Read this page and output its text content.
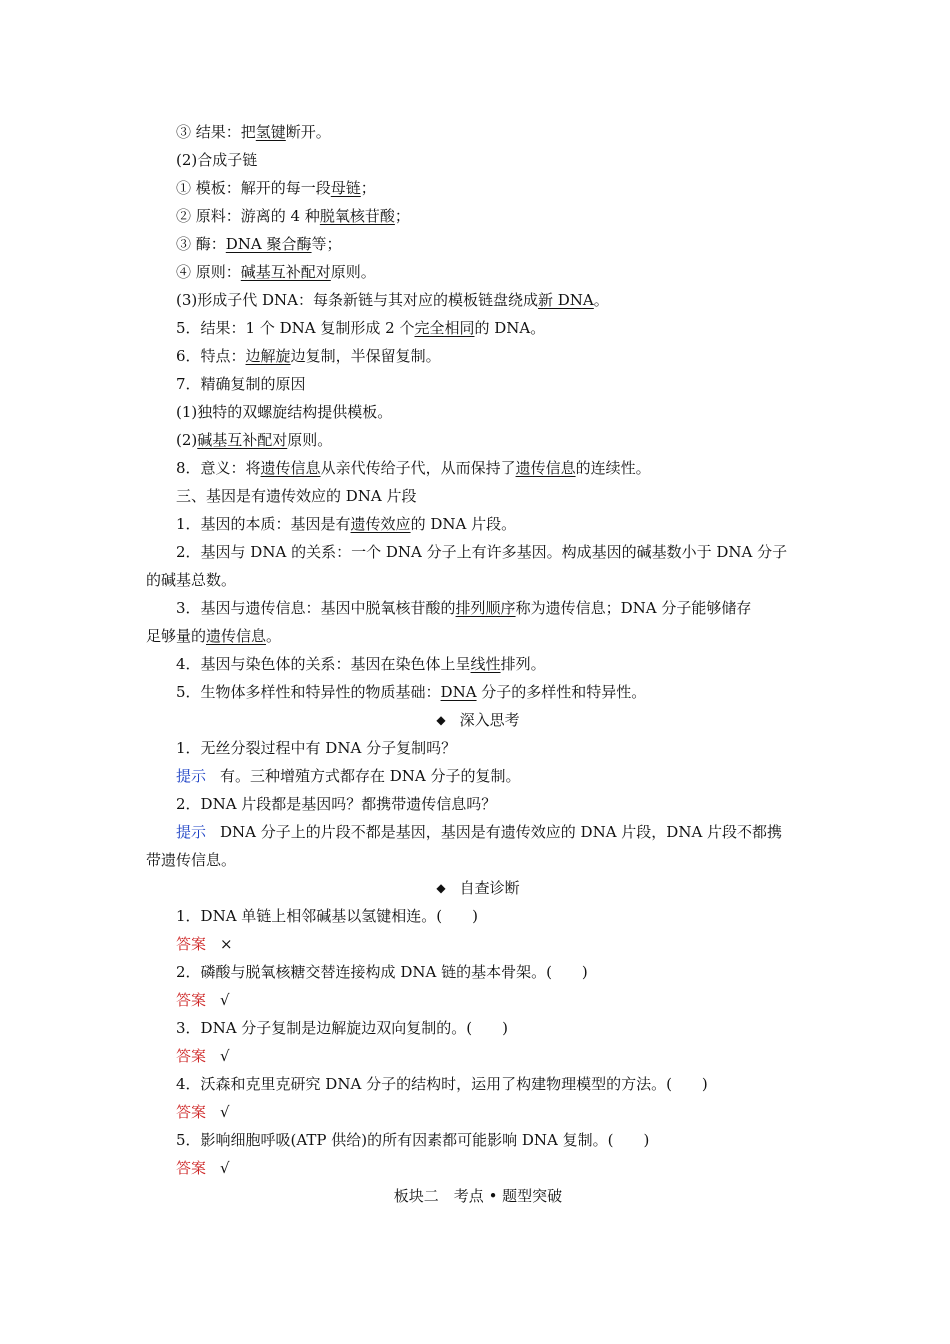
③ 结果：把氢键断开。
(2)合成子链
① 模板：解开的每一段母链；
② 原料：游离的 4 种脱氧核苷酸；
③ 酶：DNA 聚合酶等；
④ 原则：碱基互补配对原则。
(3)形成子代 DNA：每条新链与其对应的模板链盘绕成新 DNA。
5．结果：1 个 DNA 复制形成 2 个完全相同的 DNA。
6．特点：边解旋边复制，半保留复制。
7．精确复制的原因
(1)独特的双螺旋结构提供模板。
(2)碱基互补配对原则。
8．意义：将遗传信息从亲代传给子代，从而保持了遗传信息的连续性。
三、基因是有遗传效应的 DNA 片段
1．基因的本质：基因是有遗传效应的 DNA 片段。
2．基因与 DNA 的关系：一个 DNA 分子上有许多基因。构成基因的碱基数小于 DNA 分子
的碱基总数。
3．基因与遗传信息：基因中脱氧核苷酸的排列顺序称为遗传信息；DNA 分子能够储存
足够量的遗传信息。
4．基因与染色体的关系：基因在染色体上呈线性排列。
5．生物体多样性和特异性的物质基础：DNA 分子的多样性和特异性。
◆ 深入思考
1．无丝分裂过程中有 DNA 分子复制吗？
提示 有。三种增殖方式都存在 DNA 分子的复制。
2．DNA 片段都是基因吗？都携带遗传信息吗？
提示 DNA 分子上的片段不都是基因，基因是有遗传效应的 DNA 片段，DNA 片段不都携
带遗传信息。
◆ 自查诊断
1．DNA 单链上相邻碱基以氢键相连。(　　)
答案 ×
2．磷酸与脱氧核糖交替连接构成 DNA 链的基本骨架。(　　)
答案 √
3．DNA 分子复制是边解旋边双向复制的。(　　)
答案 √
4．沃森和克里克研究 DNA 分子的结构时，运用了构建物理模型的方法。(　　)
答案 √
5．影响细胞呼吸(ATP 供给)的所有因素都可能影响 DNA 复制。(　　)
答案 √
板块二　考点 • 题型突破
